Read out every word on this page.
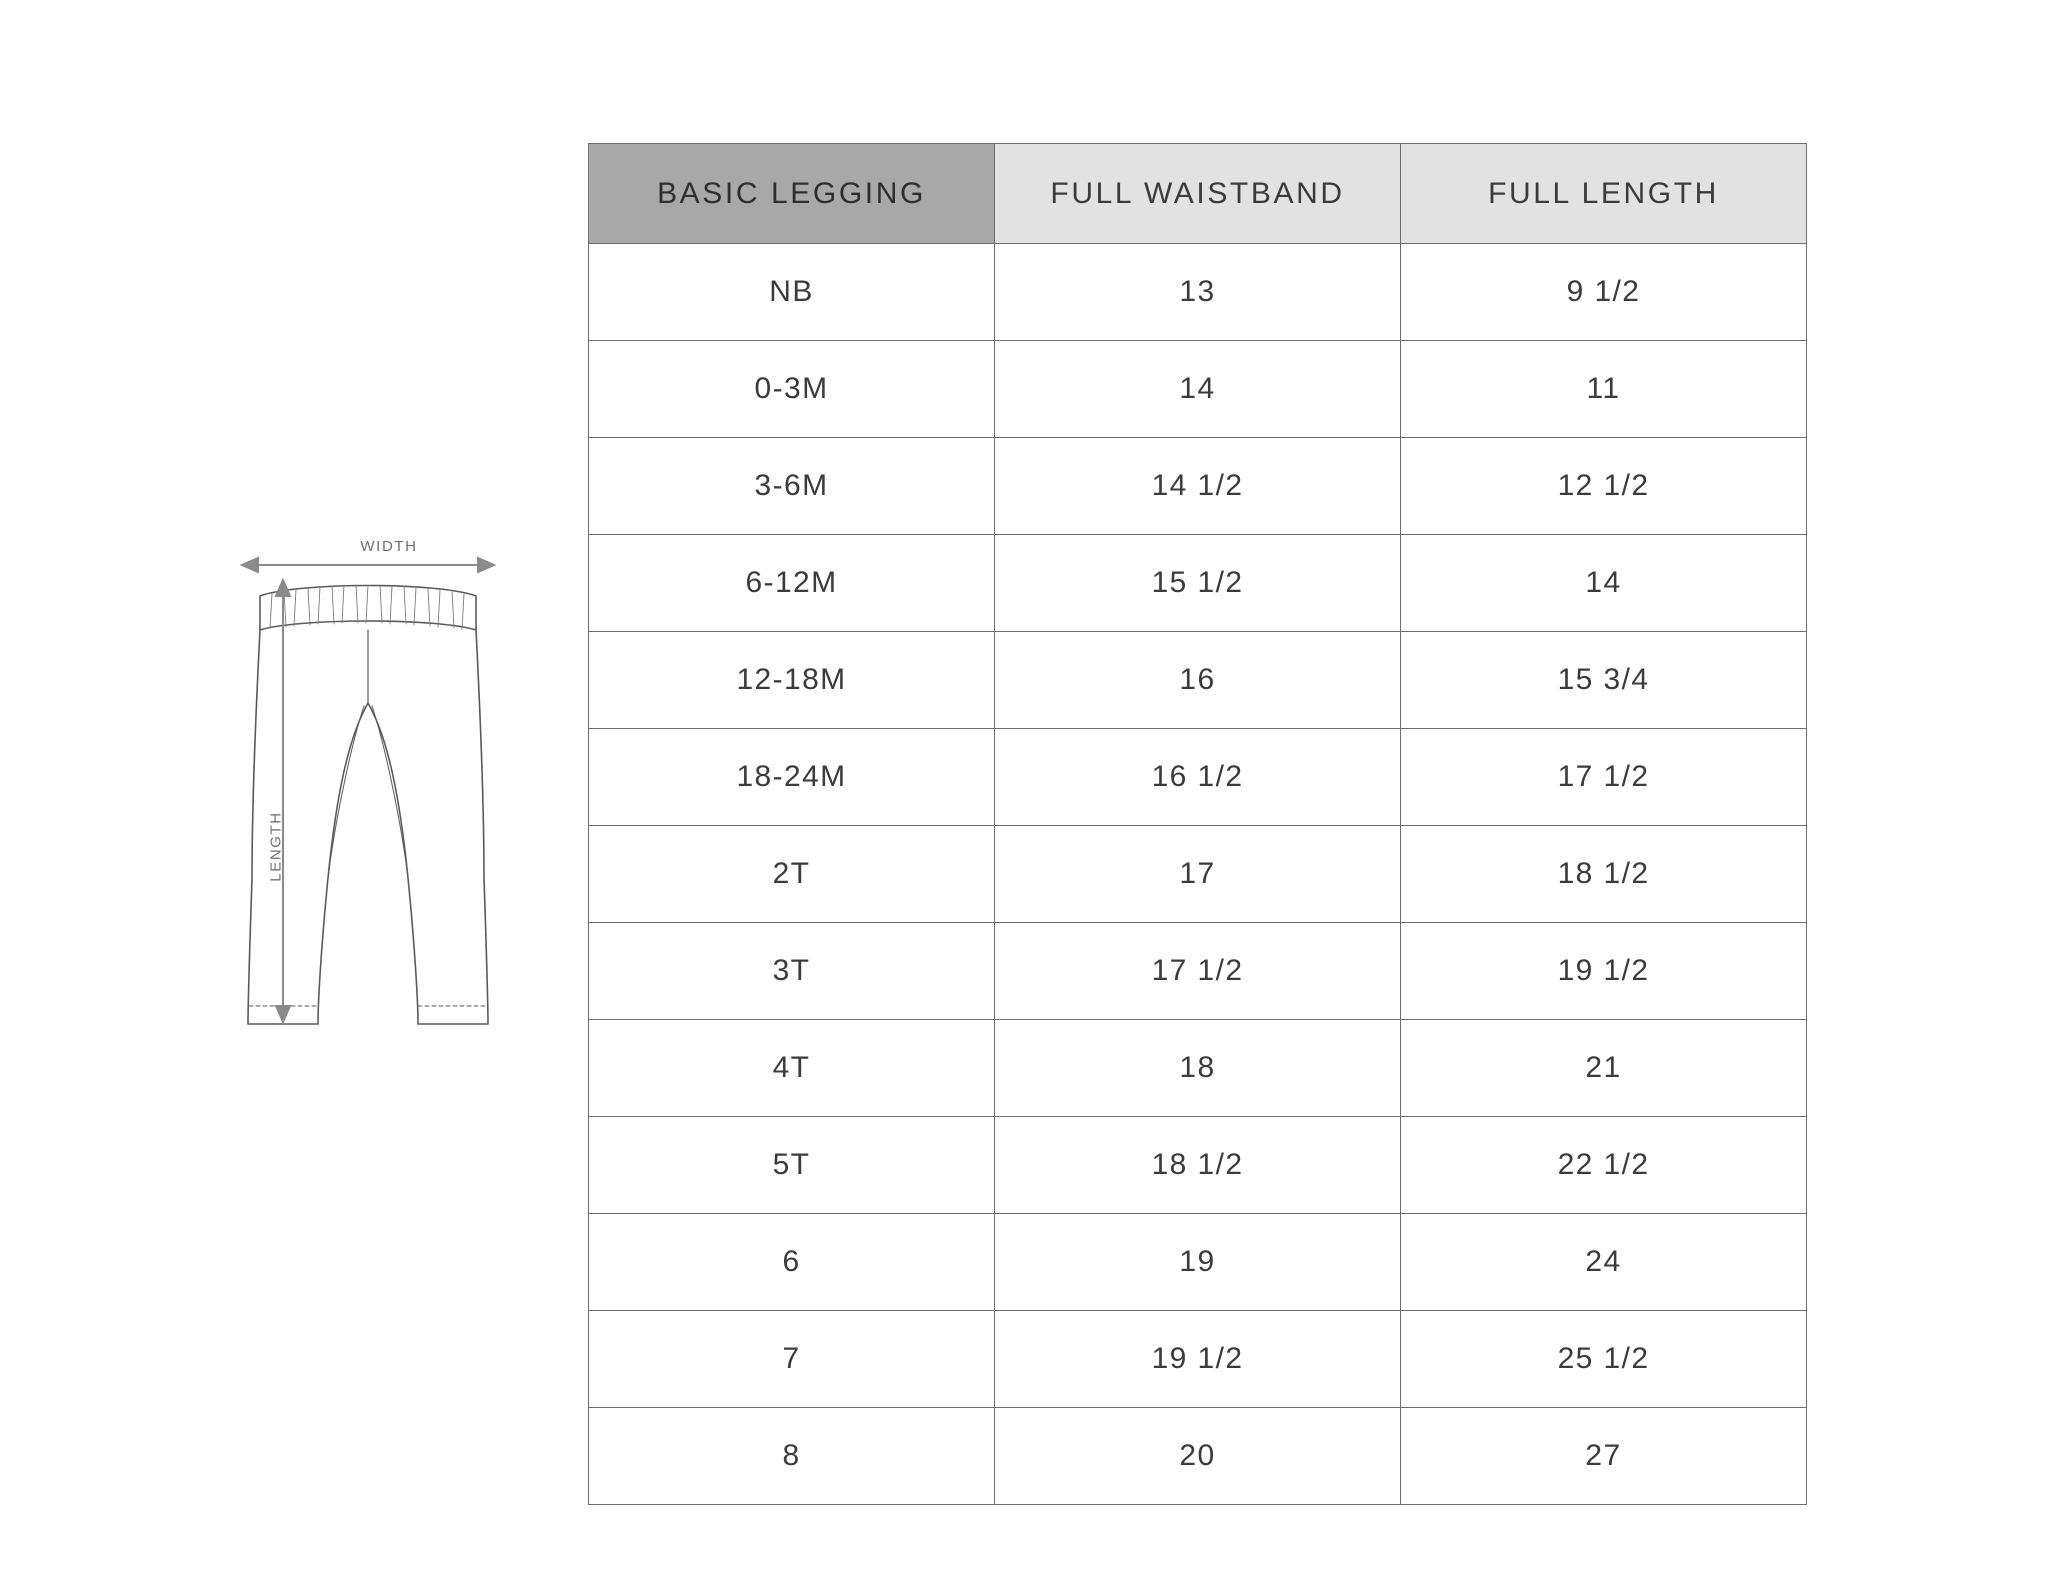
WIDTH
LENGTH
BASIC LEGGING	FULL WAISTBAND	FULL LENGTH
NB	13	9 1/2
0-3M	14	11
3-6M	14 1/2	12 1/2
6-12M	15 1/2	14
12-18M	16	15 3/4
18-24M	16 1/2	17 1/2
2T	17	18 1/2
3T	17 1/2	19 1/2
4T	18	21
5T	18 1/2	22 1/2
6	19	24
7	19 1/2	25 1/2
8	20	27
